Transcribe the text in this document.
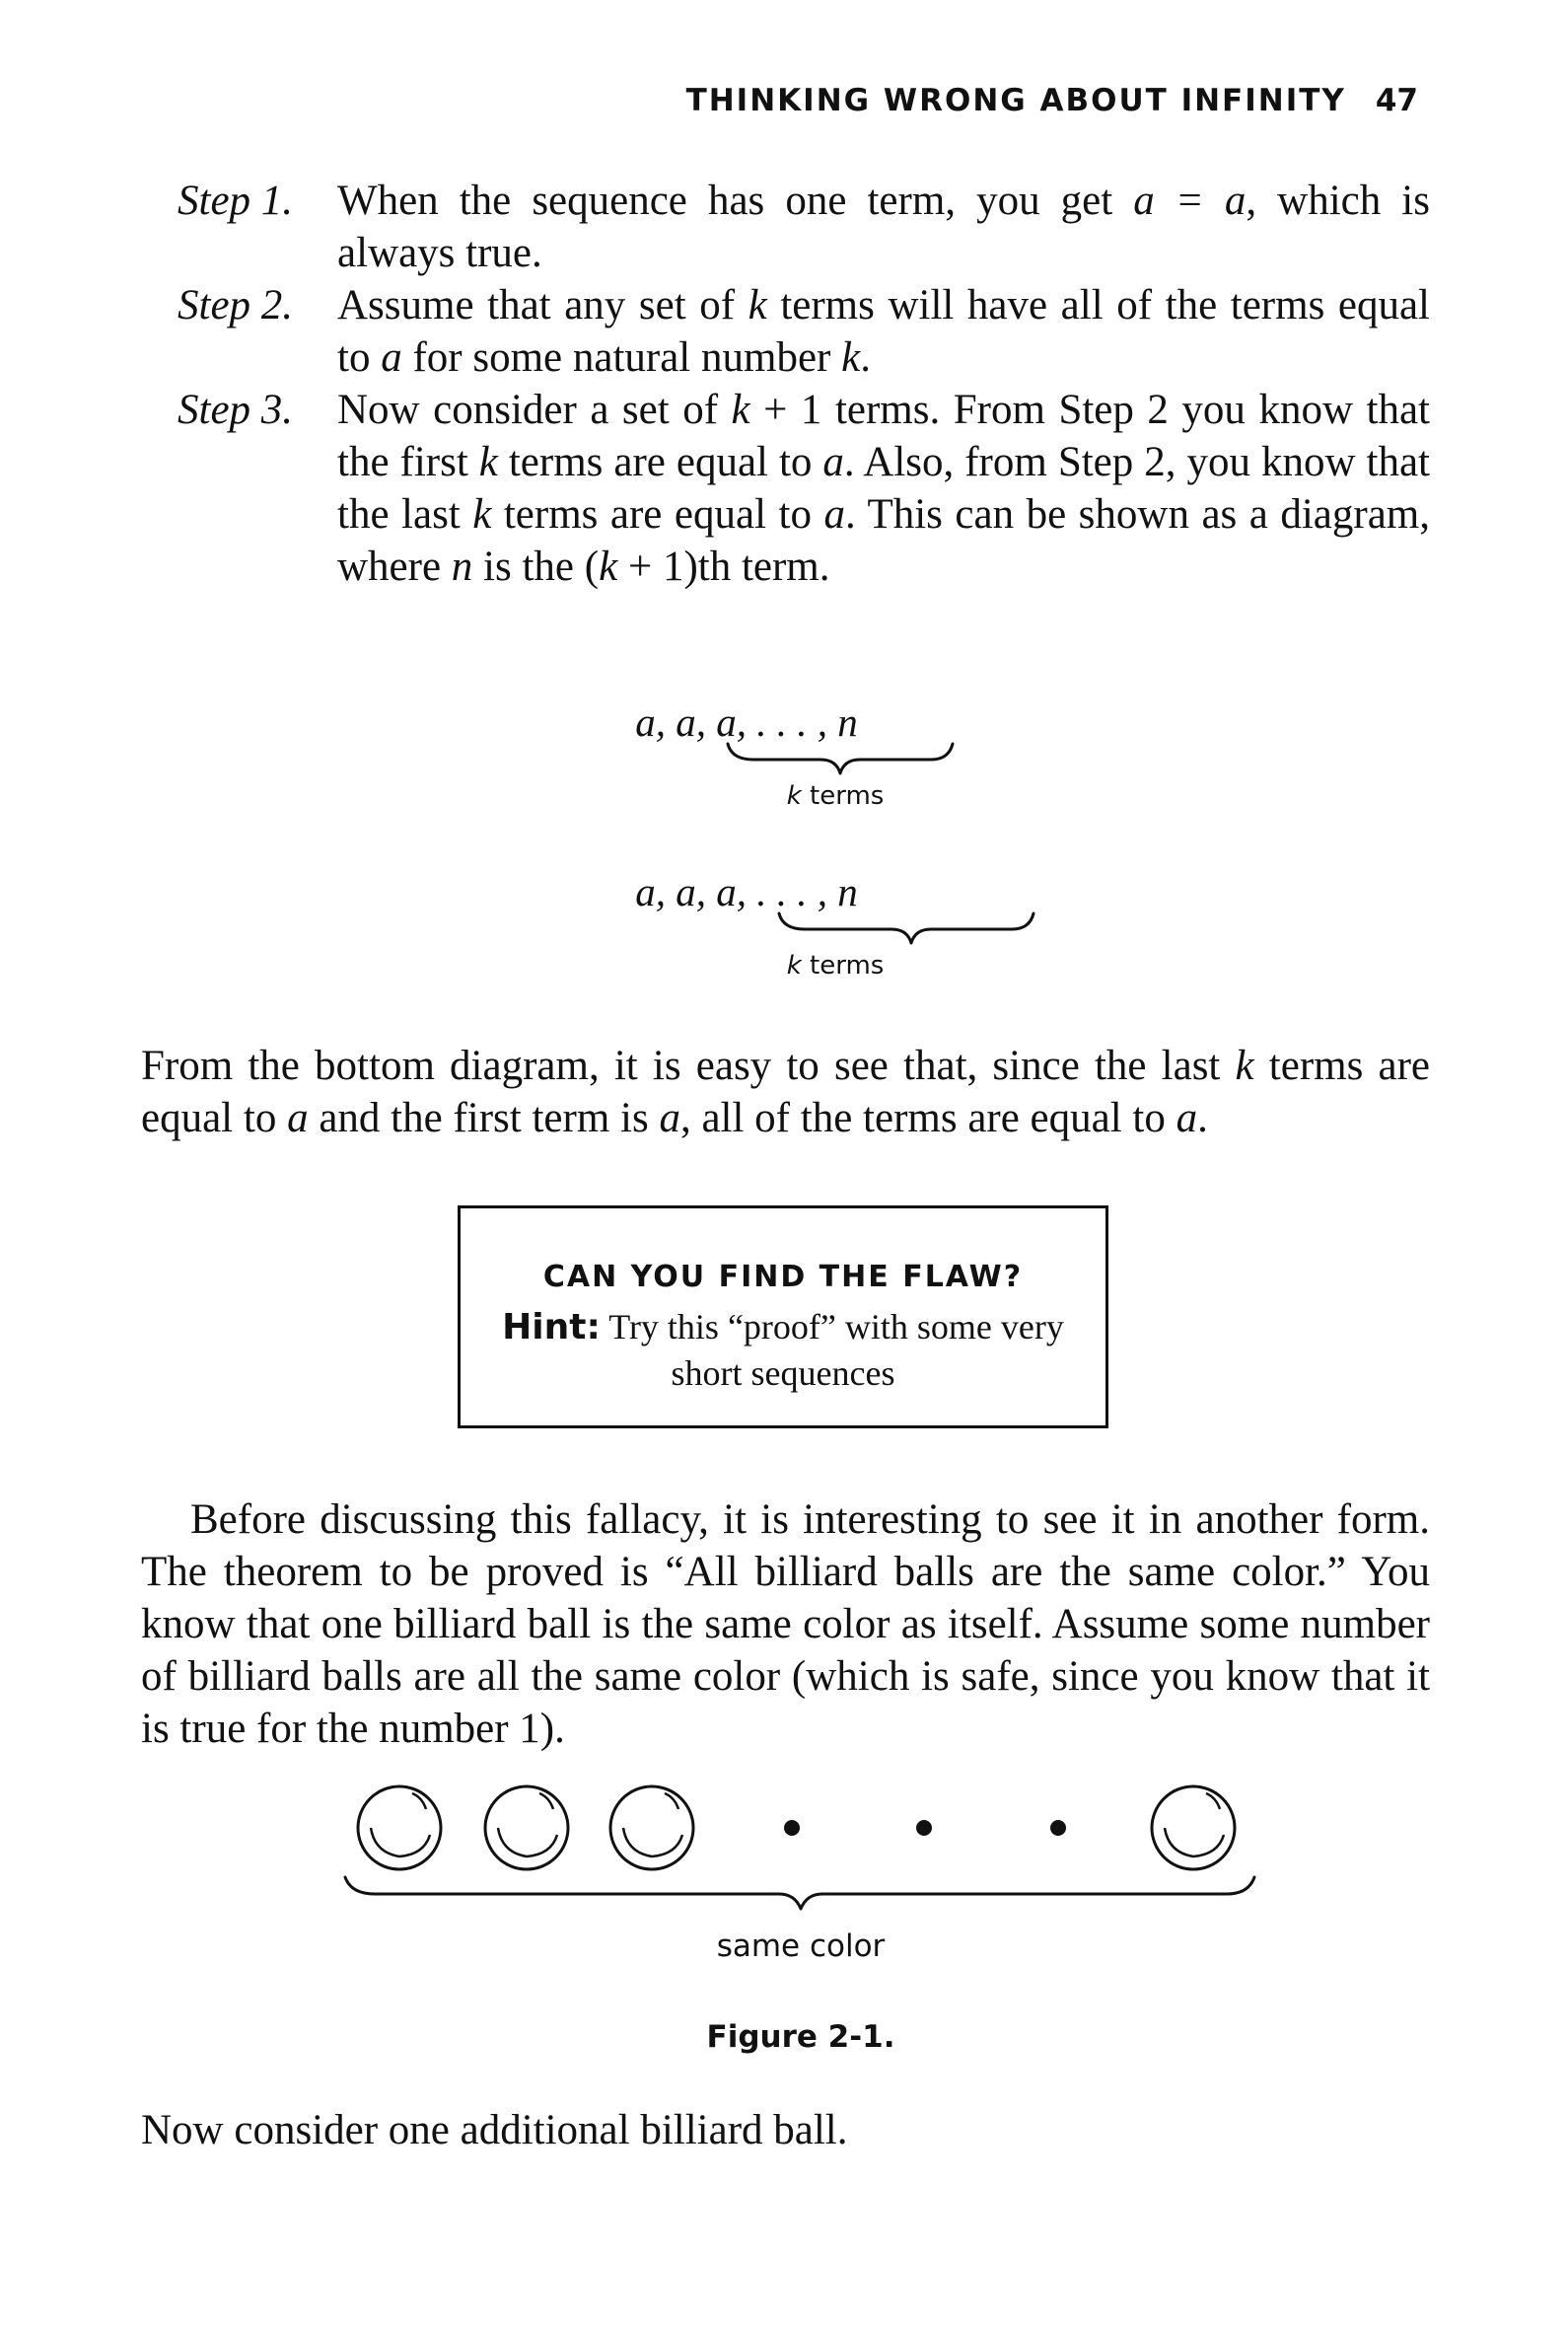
THINKING WRONG ABOUT INFINITY 47
Step 1. When the sequence has one term, you get a = a, which is always true.
Step 2. Assume that any set of k terms will have all of the terms equal to a for some natural number k.
Step 3. Now consider a set of k + 1 terms. From Step 2 you know that the first k terms are equal to a. Also, from Step 2, you know that the last k terms are equal to a. This can be shown as a diagram, where n is the (k + 1)th term.
a, a, a, . . . , n
k terms
a, a, a, . . . , n
k terms
From the bottom diagram, it is easy to see that, since the last k terms are equal to a and the first term is a, all of the terms are equal to a.
CAN YOU FIND THE FLAW?
Hint: Try this “proof” with some very short sequences
Before discussing this fallacy, it is interesting to see it in another form. The theorem to be proved is “All billiard balls are the same color.” You know that one billiard ball is the same color as itself. Assume some number of billiard balls are all the same color (which is safe, since you know that it is true for the number 1).
same color
Figure 2-1.
Now consider one additional billiard ball.
